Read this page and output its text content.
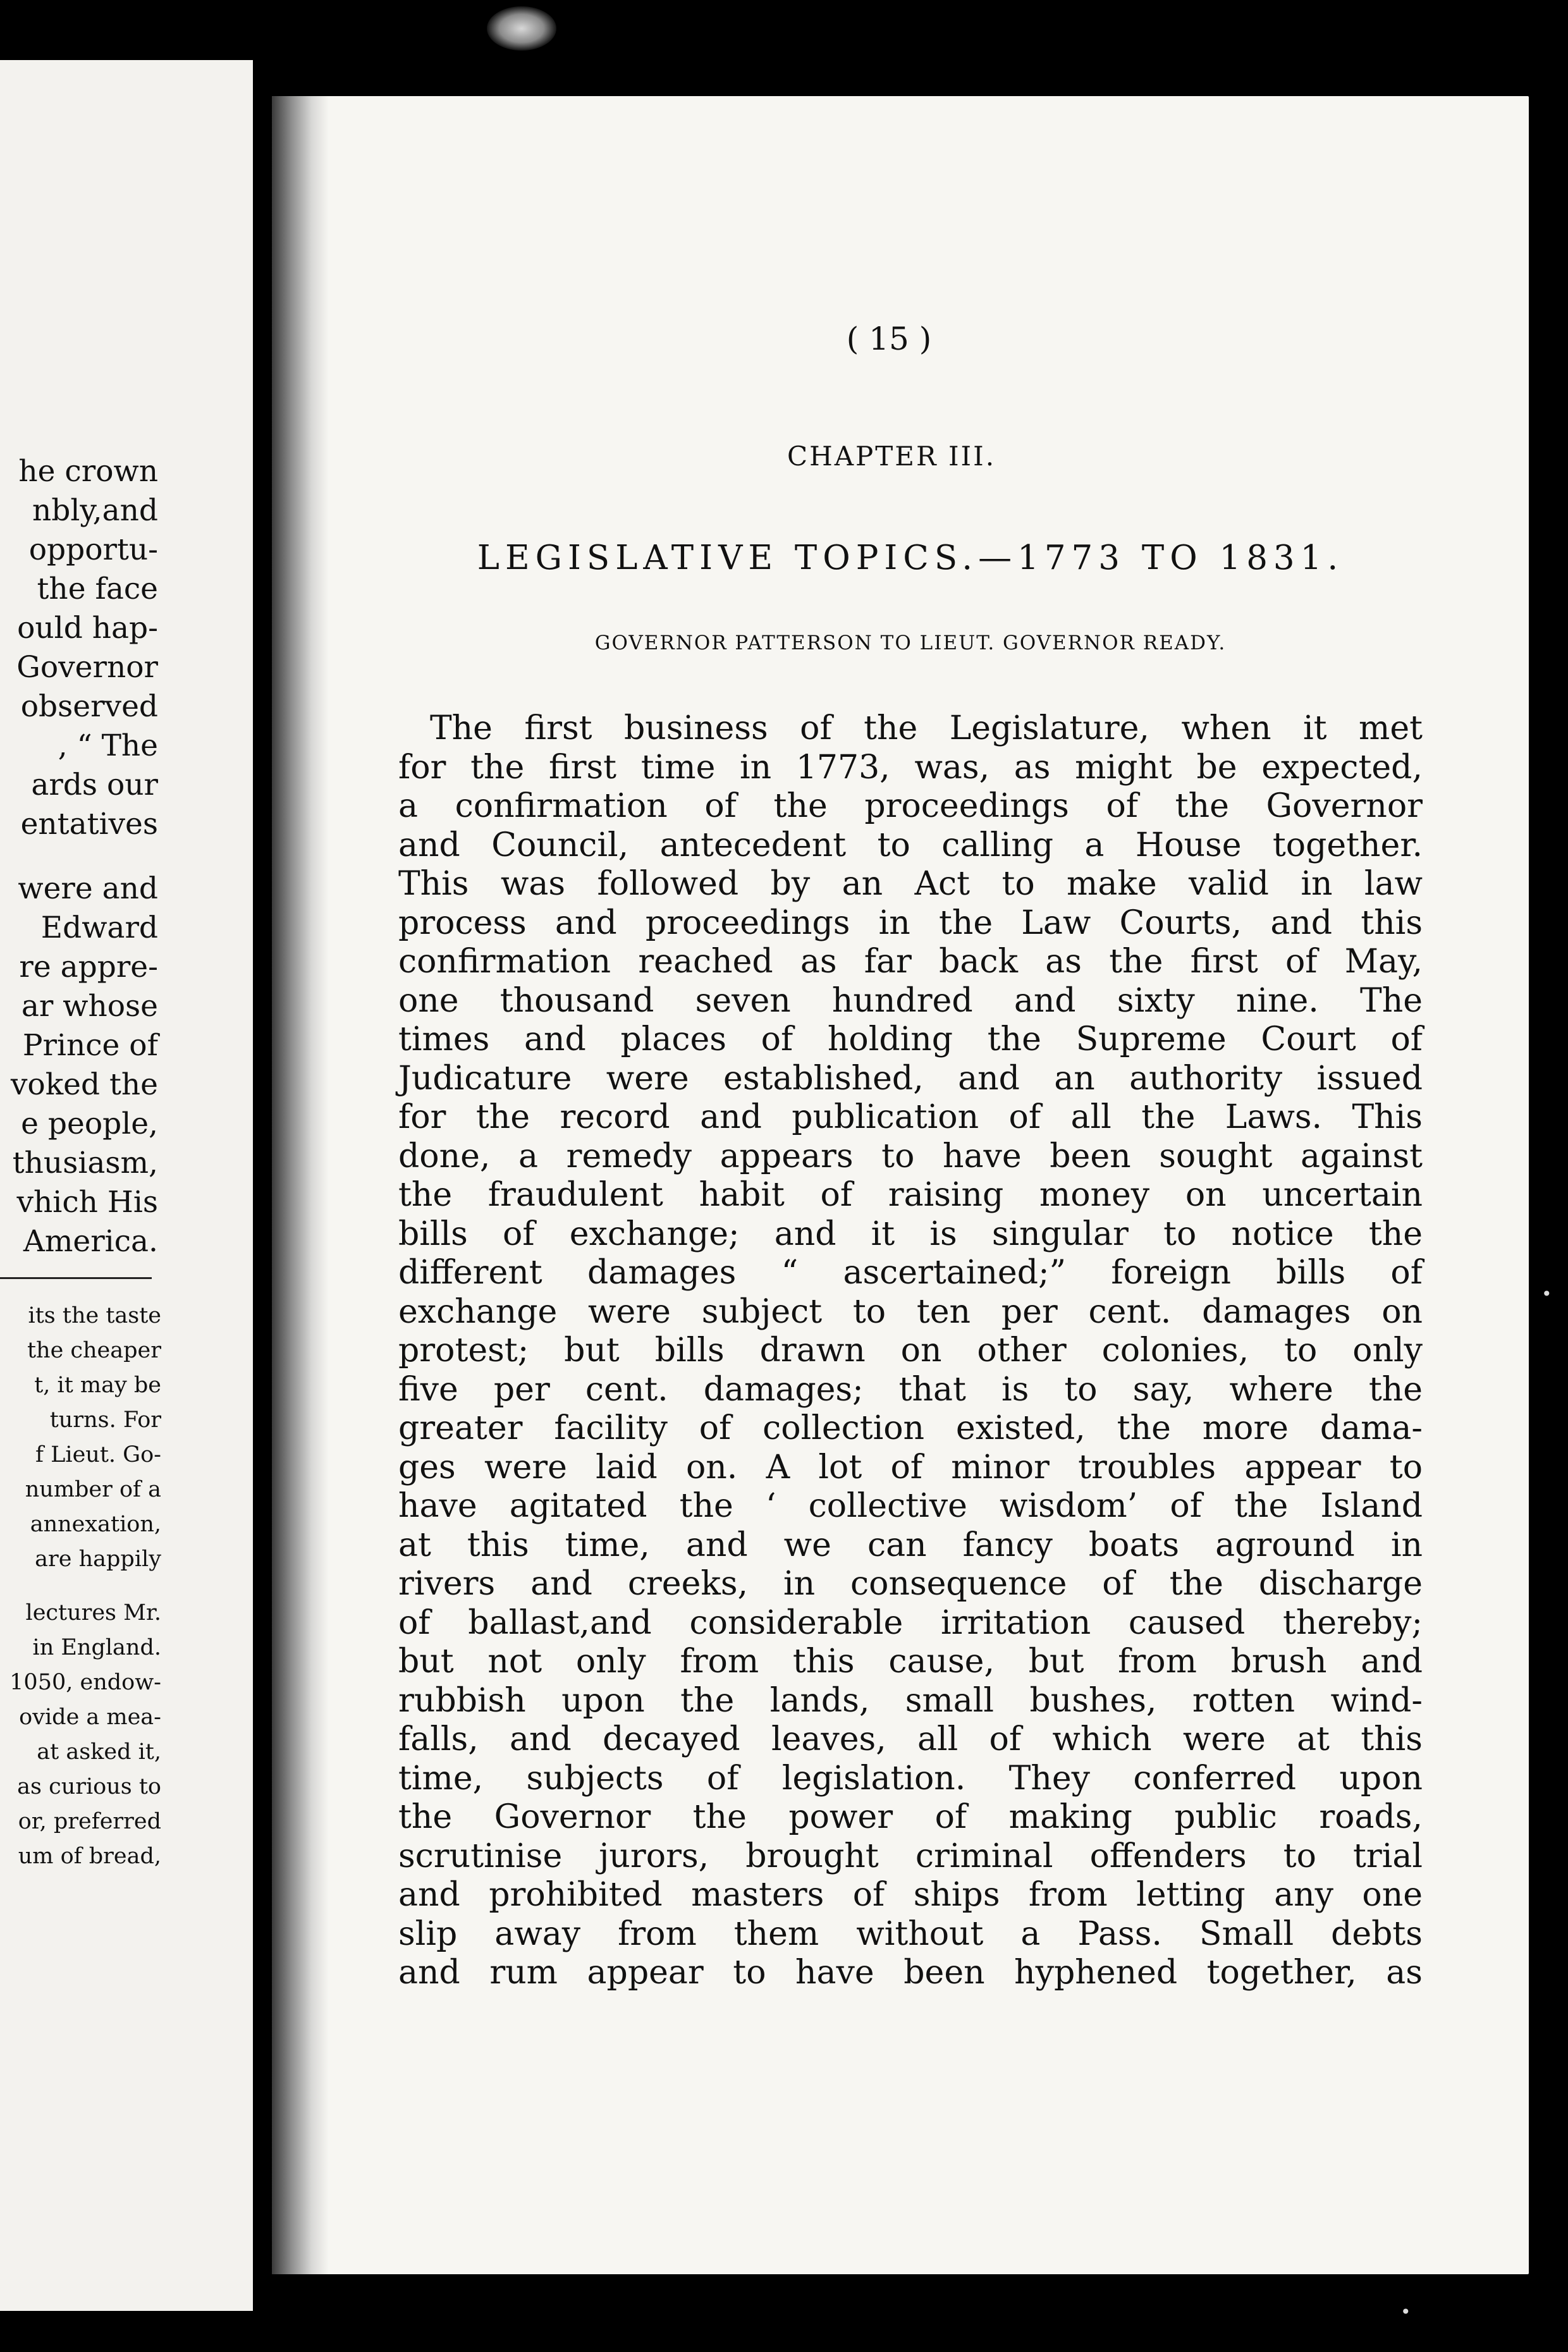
he crown
nbly,and
opportu-
the face
ould hap-
Governor
observed
, “ The
ards our
entatives
were and
Edward
re appre-
ar whose
Prince of
voked the
e people,
thusiasm,
vhich His
America.
its the taste
the cheaper
t, it may be
turns. For
f Lieut. Go-
number of a
annexation,
are happily
lectures Mr.
in England.
1050, endow-
ovide a mea-
at asked it,
as curious to
or, preferred
um of bread,
( 15 )
CHAPTER III.
LEGISLATIVE TOPICS.—1773 TO 1831.
GOVERNOR PATTERSON TO LIEUT. GOVERNOR READY.
The first business of the Legislature, when it met
for the first time in 1773, was, as might be expected,
a confirmation of the proceedings of the Governor
and Council, antecedent to calling a House together.
This was followed by an Act to make valid in law
process and proceedings in the Law Courts, and this
confirmation reached as far back as the first of May,
one thousand seven hundred and sixty nine. The
times and places of holding the Supreme Court of
Judicature were established, and an authority issued
for the record and publication of all the Laws. This
done, a remedy appears to have been sought against
the fraudulent habit of raising money on uncertain
bills of exchange; and it is singular to notice the
different damages “ ascertained;” foreign bills of
exchange were subject to ten per cent. damages on
protest; but bills drawn on other colonies, to only
five per cent. damages; that is to say, where the
greater facility of collection existed, the more dama-
ges were laid on. A lot of minor troubles appear to
have agitated the ‘ collective wisdom’ of the Island
at this time, and we can fancy boats aground in
rivers and creeks, in consequence of the discharge
of ballast,and considerable irritation caused thereby;
but not only from this cause, but from brush and
rubbish upon the lands, small bushes, rotten wind-
falls, and decayed leaves, all of which were at this
time, subjects of legislation. They conferred upon
the Governor the power of making public roads,
scrutinise jurors, brought criminal offenders to trial
and prohibited masters of ships from letting any one
slip away from them without a Pass. Small debts
and rum appear to have been hyphened together, as
•
•
